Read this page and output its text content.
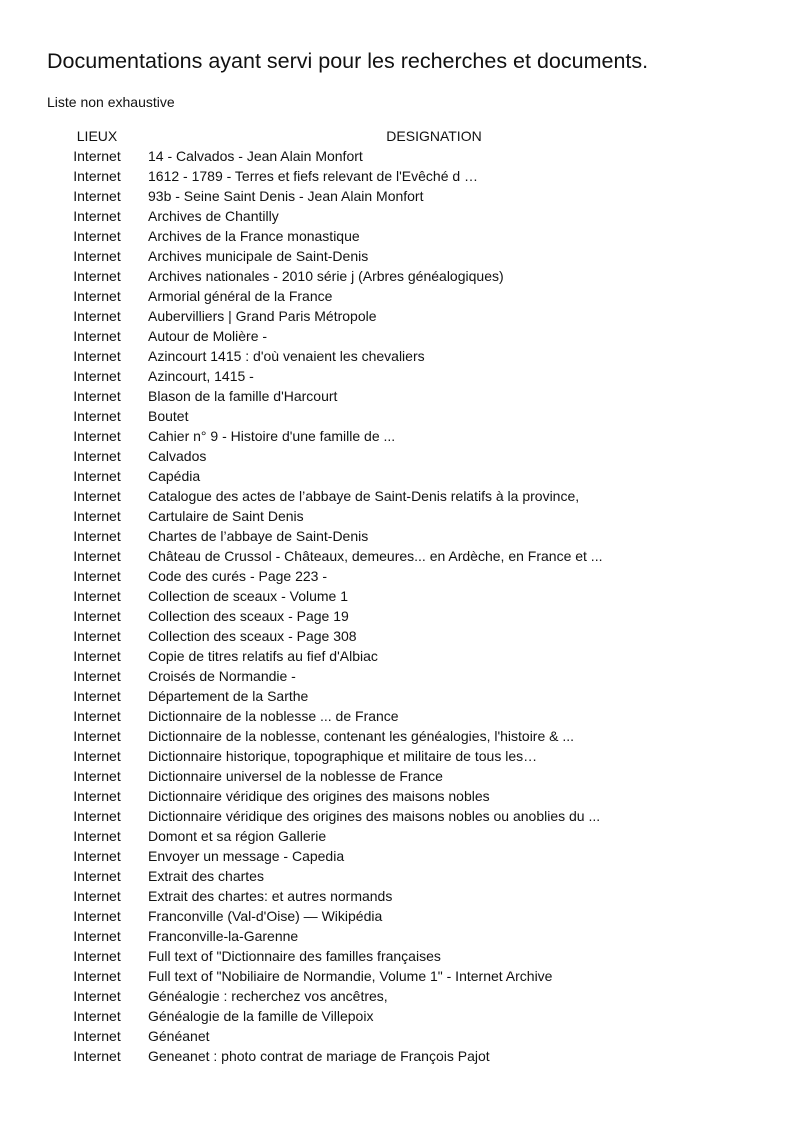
Documentations ayant servi pour les recherches et documents.

Liste non exhaustive

LIEUX	DESIGNATION
Internet	14 - Calvados - Jean Alain Monfort
Internet	1612 - 1789 - Terres et fiefs relevant de l'Evêché d …
Internet	93b - Seine Saint Denis - Jean Alain Monfort
Internet	Archives de Chantilly
Internet	Archives de la France monastique
Internet	Archives municipale de Saint-Denis
Internet	Archives nationales - 2010 série j (Arbres généalogiques)
Internet	Armorial général de la France
Internet	Aubervilliers | Grand Paris Métropole
Internet	Autour de Molière -
Internet	Azincourt 1415 : d'où venaient les chevaliers
Internet	Azincourt, 1415 -
Internet	Blason de la famille d'Harcourt
Internet	Boutet
Internet	Cahier n° 9 - Histoire d'une famille de ...
Internet	Calvados
Internet	Capédia
Internet	Catalogue des actes de l’abbaye de Saint-Denis relatifs à la province,
Internet	Cartulaire de Saint Denis
Internet	Chartes de l’abbaye de Saint-Denis
Internet	Château de Crussol - Châteaux, demeures... en Ardèche, en France et ...
Internet	Code des curés - Page 223 -
Internet	Collection de sceaux - Volume 1
Internet	Collection des sceaux - Page 19
Internet	Collection des sceaux - Page 308
Internet	Copie de titres relatifs au fief d'Albiac
Internet	Croisés de Normandie -
Internet	Département de la Sarthe
Internet	Dictionnaire de la noblesse ... de France
Internet	Dictionnaire de la noblesse, contenant les généalogies, l'histoire & ...
Internet	Dictionnaire historique, topographique et militaire de tous les…
Internet	Dictionnaire universel de la noblesse de France
Internet	Dictionnaire véridique des origines des maisons nobles
Internet	Dictionnaire véridique des origines des maisons nobles ou anoblies du ...
Internet	Domont et sa région Gallerie
Internet	Envoyer un message - Capedia
Internet	Extrait des chartes
Internet	Extrait des chartes: et autres normands
Internet	Franconville (Val-d'Oise) — Wikipédia
Internet	Franconville-la-Garenne
Internet	Full text of "Dictionnaire des familles françaises
Internet	Full text of "Nobiliaire de Normandie, Volume 1" - Internet Archive
Internet	Généalogie : recherchez vos ancêtres,
Internet	Généalogie de la famille de Villepoix
Internet	Généanet
Internet	Geneanet : photo contrat de mariage de François Pajot
